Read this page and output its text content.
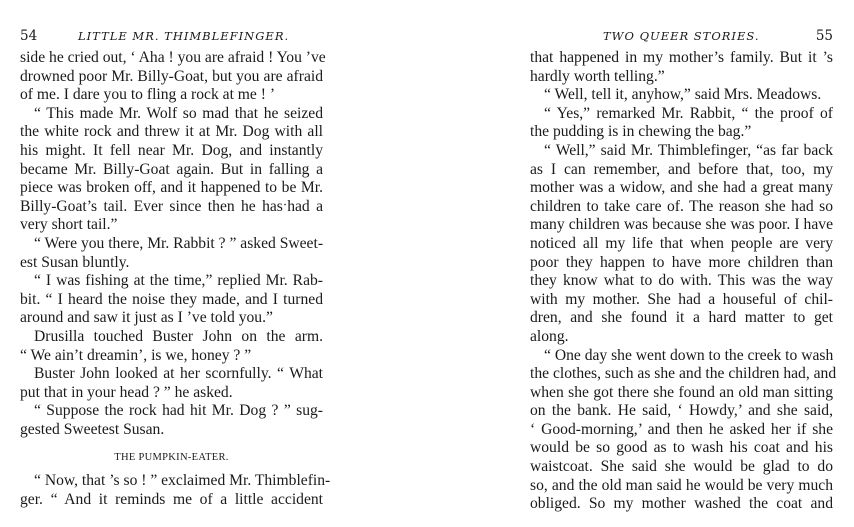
54	LITTLE MR. THIMBLEFINGER.
side he cried out, ‘ Aha ! you are afraid ! You ’ve
drowned poor Mr. Billy-Goat, but you are afraid
of me. I dare you to fling a rock at me ! ’
“ This made Mr. Wolf so mad that he seized
the white rock and threw it at Mr. Dog with all
his might. It fell near Mr. Dog, and instantly
became Mr. Billy-Goat again. But in falling a
piece was broken off, and it happened to be Mr.
Billy-Goat’s tail. Ever since then he hasˑhad a
very short tail.”
“ Were you there, Mr. Rabbit ? ” asked Sweet-
est Susan bluntly.
“ I was fishing at the time,” replied Mr. Rab-
bit. “ I heard the noise they made, and I turned
around and saw it just as I ’ve told you.”
Drusilla touched Buster John on the arm.
“ We ain’t dreamin’, is we, honey ? ”
Buster John looked at her scornfully. “ What
put that in your head ? ” he asked.
“ Suppose the rock had hit Mr. Dog ? ” sug-
gested Sweetest Susan.
THE PUMPKIN-EATER.
“ Now, that ’s so ! ” exclaimed Mr. Thimblefin-
ger. “ And it reminds me of a little accident
TWO QUEER STORIES.	55
that happened in my mother’s family. But it ’s
hardly worth telling.”
“ Well, tell it, anyhow,” said Mrs. Meadows.
“ Yes,” remarked Mr. Rabbit, “ the proof of
the pudding is in chewing the bag.”
“ Well,” said Mr. Thimblefinger, “as far back
as I can remember, and before that, too, my
mother was a widow, and she had a great many
children to take care of. The reason she had so
many children was because she was poor. I have
noticed all my life that when people are very
poor they happen to have more children than
they know what to do with. This was the way
with my mother. She had a houseful of chil-
dren, and she found it a hard matter to get
along.
“ One day she went down to the creek to wash
the clothes, such as she and the children had, and
when she got there she found an old man sitting
on the bank. He said, ‘ Howdy,’ and she said,
‘ Good-morning,’ and then he asked her if she
would be so good as to wash his coat and his
waistcoat. She said she would be glad to do
so, and the old man said he would be very much
obliged. So my mother washed the coat and
